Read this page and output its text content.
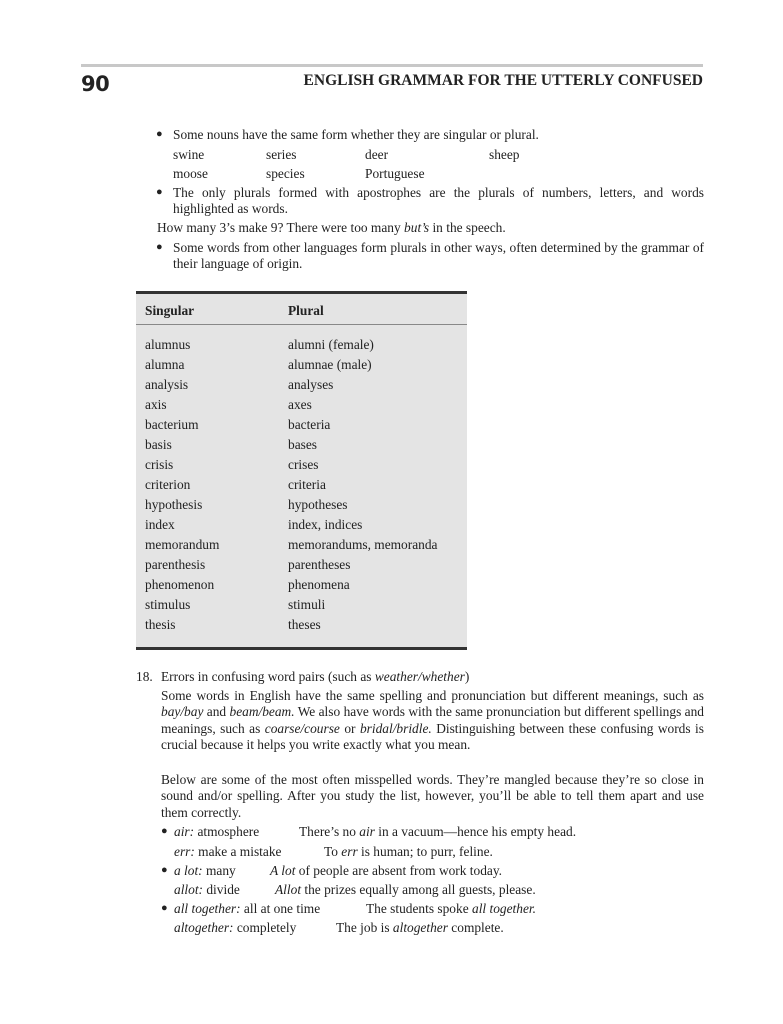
90	ENGLISH GRAMMAR FOR THE UTTERLY CONFUSED
● Some nouns have the same form whether they are singular or plural.
swine	series	deer	sheep
moose	species	Portuguese
● The only plurals formed with apostrophes are the plurals of numbers, letters, and words highlighted as words.
How many 3’s make 9? There were too many but’s in the speech.
● Some words from other languages form plurals in other ways, often determined by the grammar of their language of origin.
Singular	Plural
alumnus	alumni (female)
alumna	alumnae (male)
analysis	analyses
axis	axes
bacterium	bacteria
basis	bases
crisis	crises
criterion	criteria
hypothesis	hypotheses
index	index, indices
memorandum	memorandums, memoranda
parenthesis	parentheses
phenomenon	phenomena
stimulus	stimuli
thesis	theses
18. Errors in confusing word pairs (such as weather/whether)
Some words in English have the same spelling and pronunciation but different meanings, such as bay/bay and beam/beam. We also have words with the same pronunciation but different spellings and meanings, such as coarse/course or bridal/bridle. Distinguishing between these confusing words is crucial because it helps you write exactly what you mean.
Below are some of the most often misspelled words. They’re mangled because they’re so close in sound and/or spelling. After you study the list, however, you’ll be able to tell them apart and use them correctly.
● air: atmosphere	There’s no air in a vacuum—hence his empty head.
err: make a mistake	To err is human; to purr, feline.
● a lot: many	A lot of people are absent from work today.
allot: divide	Allot the prizes equally among all guests, please.
● all together: all at one time	The students spoke all together.
altogether: completely	The job is altogether complete.
